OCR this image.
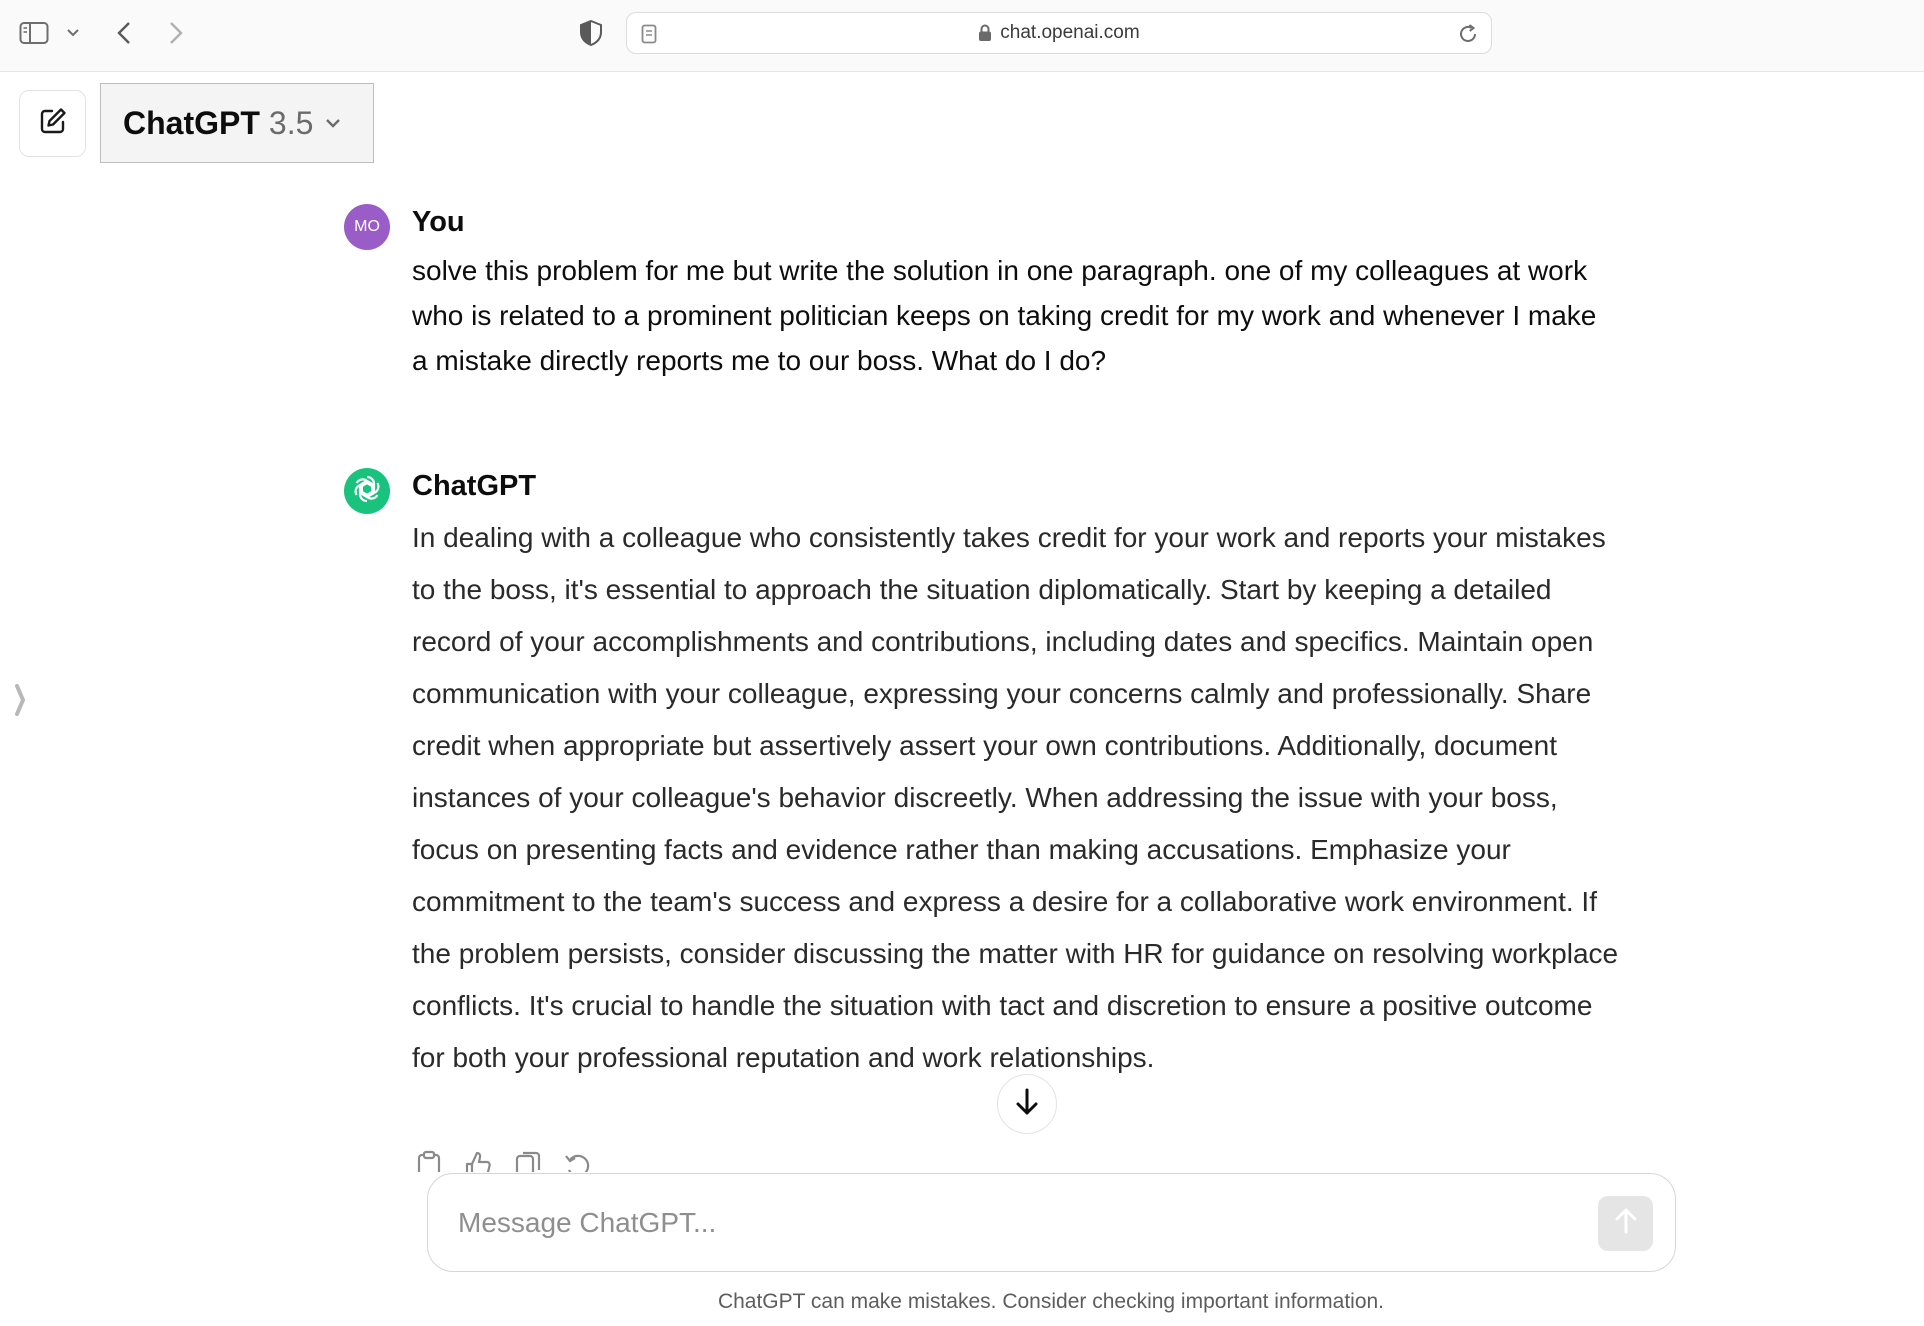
chat.openai.com
ChatGPT 3.5
MO You
solve this problem for me but write the solution in one paragraph. one of my colleagues at work who is related to a prominent politician keeps on taking credit for my work and whenever I make a mistake directly reports me to our boss. What do I do?
ChatGPT
In dealing with a colleague who consistently takes credit for your work and reports your mistakes to the boss, it's essential to approach the situation diplomatically. Start by keeping a detailed record of your accomplishments and contributions, including dates and specifics. Maintain open communication with your colleague, expressing your concerns calmly and professionally. Share credit when appropriate but assertively assert your own contributions. Additionally, document instances of your colleague's behavior discreetly. When addressing the issue with your boss, focus on presenting facts and evidence rather than making accusations. Emphasize your commitment to the team's success and express a desire for a collaborative work environment. If the problem persists, consider discussing the matter with HR for guidance on resolving workplace conflicts. It's crucial to handle the situation with tact and discretion to ensure a positive outcome for both your professional reputation and work relationships.
Message ChatGPT...
ChatGPT can make mistakes. Consider checking important information.
